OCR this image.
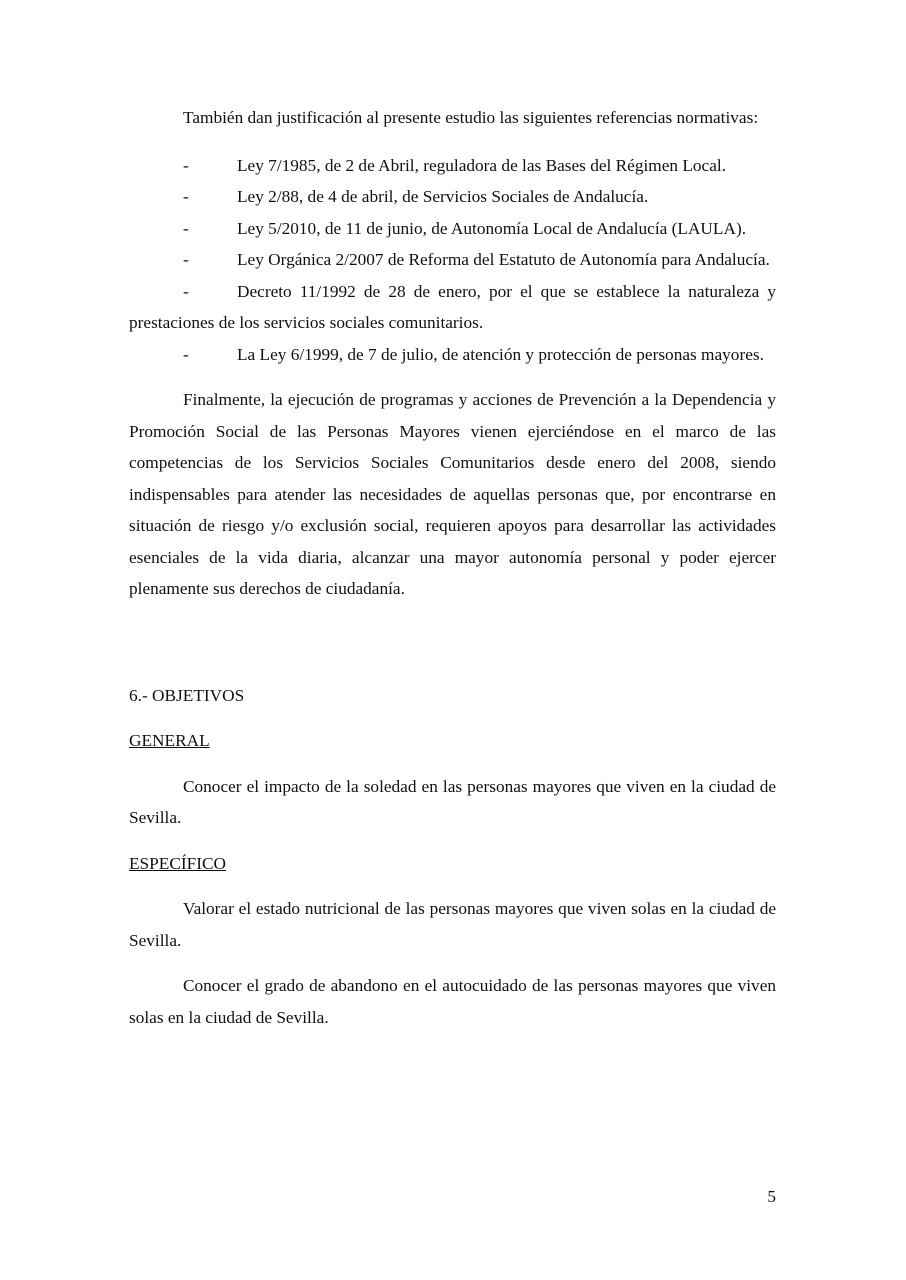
También dan justificación al presente estudio las siguientes referencias normativas:

-	Ley 7/1985, de 2 de Abril, reguladora de las Bases del Régimen Local.

-	Ley 2/88, de 4 de abril, de Servicios Sociales de Andalucía.

-	Ley 5/2010, de 11 de junio, de Autonomía Local de Andalucía (LAULA).

-	Ley Orgánica 2/2007 de Reforma del Estatuto de Autonomía para Andalucía.

-	Decreto 11/1992 de 28 de enero, por el que se establece la naturaleza y prestaciones de los servicios sociales comunitarios.

-	La Ley 6/1999, de 7 de julio, de atención y protección de personas mayores.

Finalmente, la ejecución de programas y acciones de Prevención a la Dependencia y Promoción Social de las Personas Mayores vienen ejerciéndose en el marco de las competencias de los Servicios Sociales Comunitarios desde enero del 2008, siendo indispensables para atender las necesidades de aquellas personas que, por encontrarse en situación de riesgo y/o exclusión social, requieren apoyos para desarrollar las actividades esenciales de la vida diaria, alcanzar una mayor autonomía personal y poder ejercer plenamente sus derechos de ciudadanía.

6.- OBJETIVOS

GENERAL

Conocer el impacto de la soledad en las personas mayores que viven en la ciudad de Sevilla.

ESPECÍFICO

Valorar el estado nutricional de las personas mayores que viven solas en la ciudad de Sevilla.

Conocer el grado de abandono en el autocuidado de las personas mayores que viven solas en la ciudad de Sevilla.

5
